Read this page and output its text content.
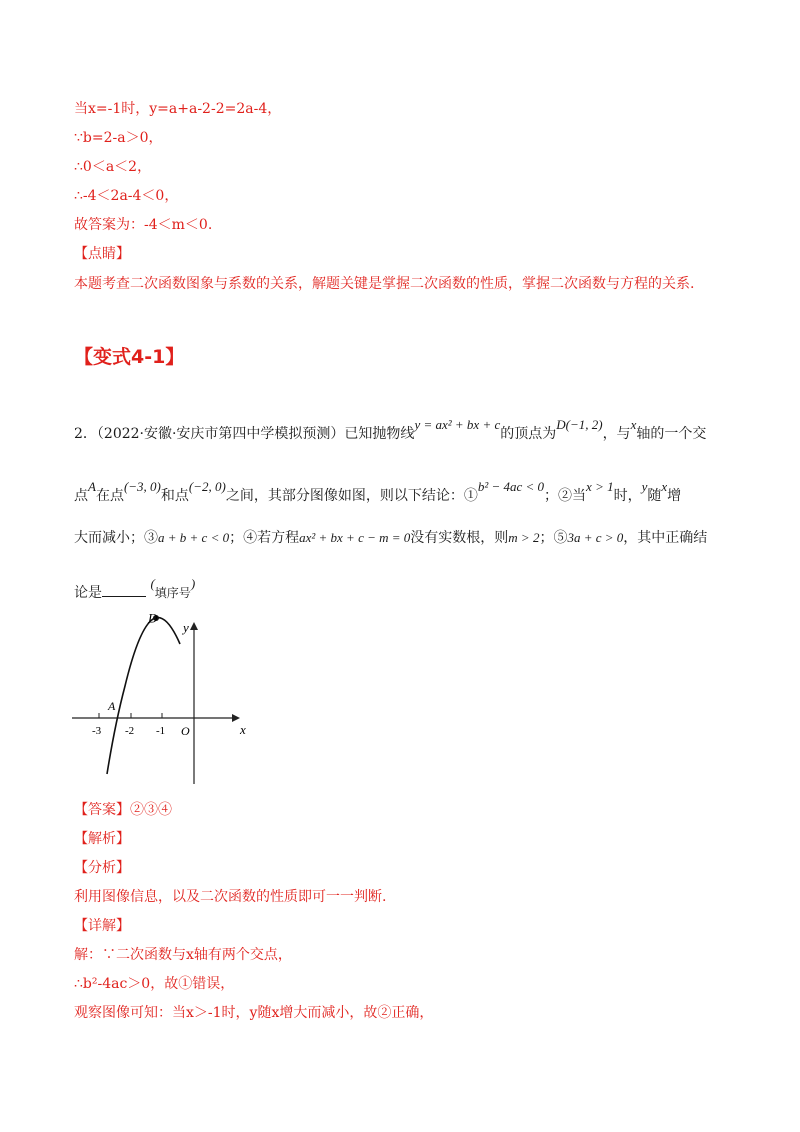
当x=-1时，y=a+a-2-2=2a-4，
∵b=2-a＞0，
∴0＜a＜2，
∴-4＜2a-4＜0，
故答案为：-4＜m＜0.
【点睛】
本题考查二次函数图象与系数的关系，解题关键是掌握二次函数的性质，掌握二次函数与方程的关系.
【变式4-1】
2．（2022·安徽·安庆市第四中学模拟预测）已知抛物线y = ax² + bx + c的顶点为D(−1, 2)，与x轴的一个交
点A在点(−3, 0)和点(−2, 0)之间，其部分图像如图，则以下结论：①b² − 4ac < 0；②当x > 1时，y随x增
大而减小；③a + b + c < 0；④若方程ax² + bx + c − m = 0没有实数根，则m > 2；⑤3a + c > 0，其中正确结
论是 (填序号)
D
A
y
x
O
-3 -2 -1
【答案】②③④
【解析】
【分析】
利用图像信息，以及二次函数的性质即可一一判断.
【详解】
解：∵二次函数与x轴有两个交点，
∴b²-4ac＞0，故①错误，
观察图像可知：当x＞-1时，y随x增大而减小，故②正确，
